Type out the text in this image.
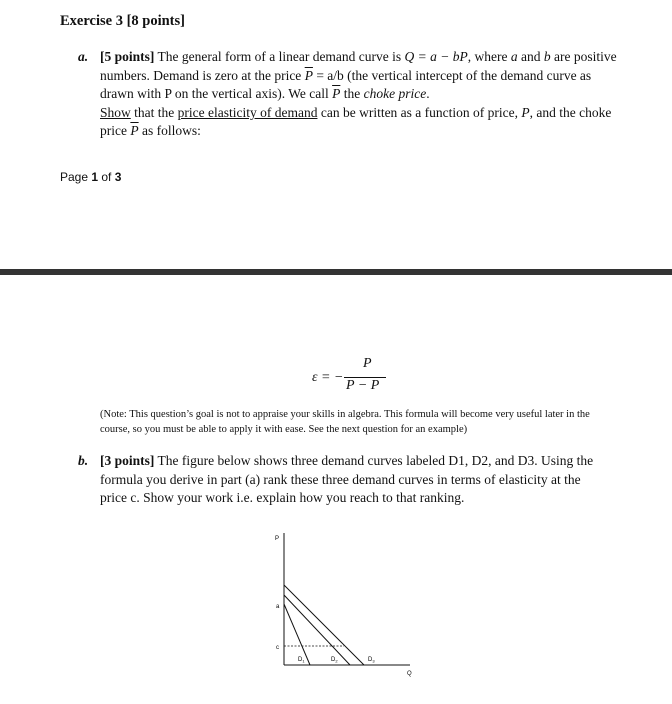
Exercise 3 [8 points]
a. [5 points] The general form of a linear demand curve is Q = a − bP, where a and b are positive numbers. Demand is zero at the price $\overline{P} = a/b$ (the vertical intercept of the demand curve as drawn with P on the vertical axis). We call $\overline{P}$ the choke price.
Show that the price elasticity of demand can be written as a function of price, P, and the choke price $\overline{P}$ as follows:
Page 1 of 3
ε = −
P
$\overline{P} - P$
(Note: This question’s goal is not to appraise your skills in algebra. This formula will become very useful later in the course, so you must be able to apply it with ease. See the next question for an example)
b. [3 points] The figure below shows three demand curves labeled D1, D2, and D3. Using the formula you derive in part (a) rank these three demand curves in terms of elasticity at the price c. Show your work i.e. explain how you reach to that ranking.
P
Q
a
c
$D_1$	$D_2$	$D_3$
